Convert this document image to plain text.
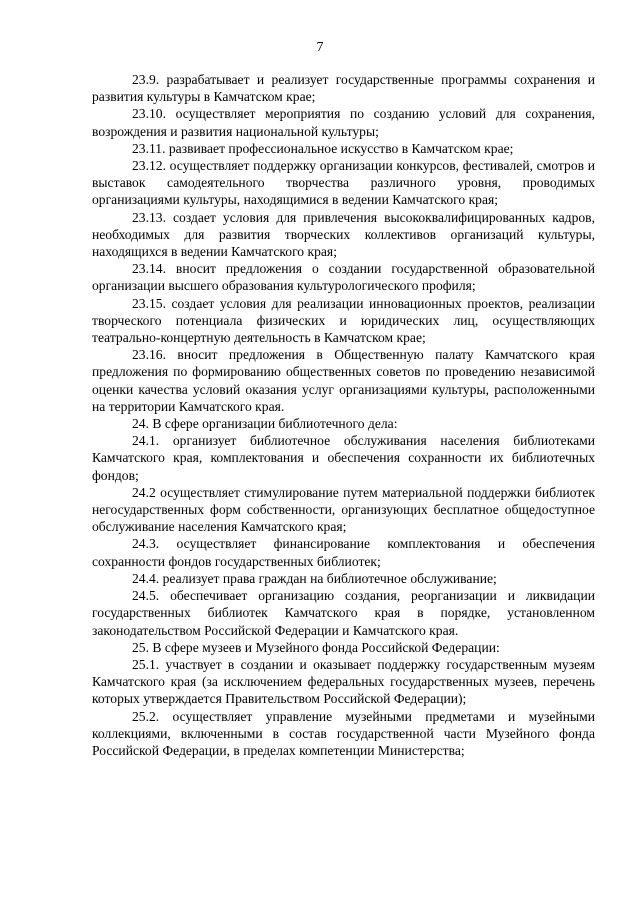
7

23.9. разрабатывает и реализует государственные программы сохранения и развития культуры в Камчатском крае;

23.10. осуществляет мероприятия по созданию условий для сохранения, возрождения и развития национальной культуры;

23.11. развивает профессиональное искусство в Камчатском крае;

23.12. осуществляет поддержку организации конкурсов, фестивалей, смотров и выставок самодеятельного творчества различного уровня, проводимых организациями культуры, находящимися в ведении Камчатского края;

23.13. создает условия для привлечения высококвалифицированных кадров, необходимых для развития творческих коллективов организаций культуры, находящихся в ведении Камчатского края;

23.14. вносит предложения о создании государственной образовательной организации высшего образования культурологического профиля;

23.15. создает условия для реализации инновационных проектов, реализации творческого потенциала физических и юридических лиц, осуществляющих театрально-концертную деятельность в Камчатском крае;

23.16. вносит предложения в Общественную палату Камчатского края предложения по формированию общественных советов по проведению независимой оценки качества условий оказания услуг организациями культуры, расположенными на территории Камчатского края.

24. В сфере организации библиотечного дела:

24.1. организует библиотечное обслуживания населения библиотеками Камчатского края, комплектования и обеспечения сохранности их библиотечных фондов;

24.2 осуществляет стимулирование путем материальной поддержки библиотек негосударственных форм собственности, организующих бесплатное общедоступное обслуживание населения Камчатского края;

24.3. осуществляет финансирование комплектования и обеспечения сохранности фондов государственных библиотек;

24.4. реализует права граждан на библиотечное обслуживание;

24.5. обеспечивает организацию создания, реорганизации и ликвидации государственных библиотек Камчатского края в порядке, установленном законодательством Российской Федерации и Камчатского края.

25. В сфере музеев и Музейного фонда Российской Федерации:

25.1. участвует в создании и оказывает поддержку государственным музеям Камчатского края (за исключением федеральных государственных музеев, перечень которых утверждается Правительством Российской Федерации);

25.2. осуществляет управление музейными предметами и музейными коллекциями, включенными в состав государственной части Музейного фонда Российской Федерации, в пределах компетенции Министерства;
